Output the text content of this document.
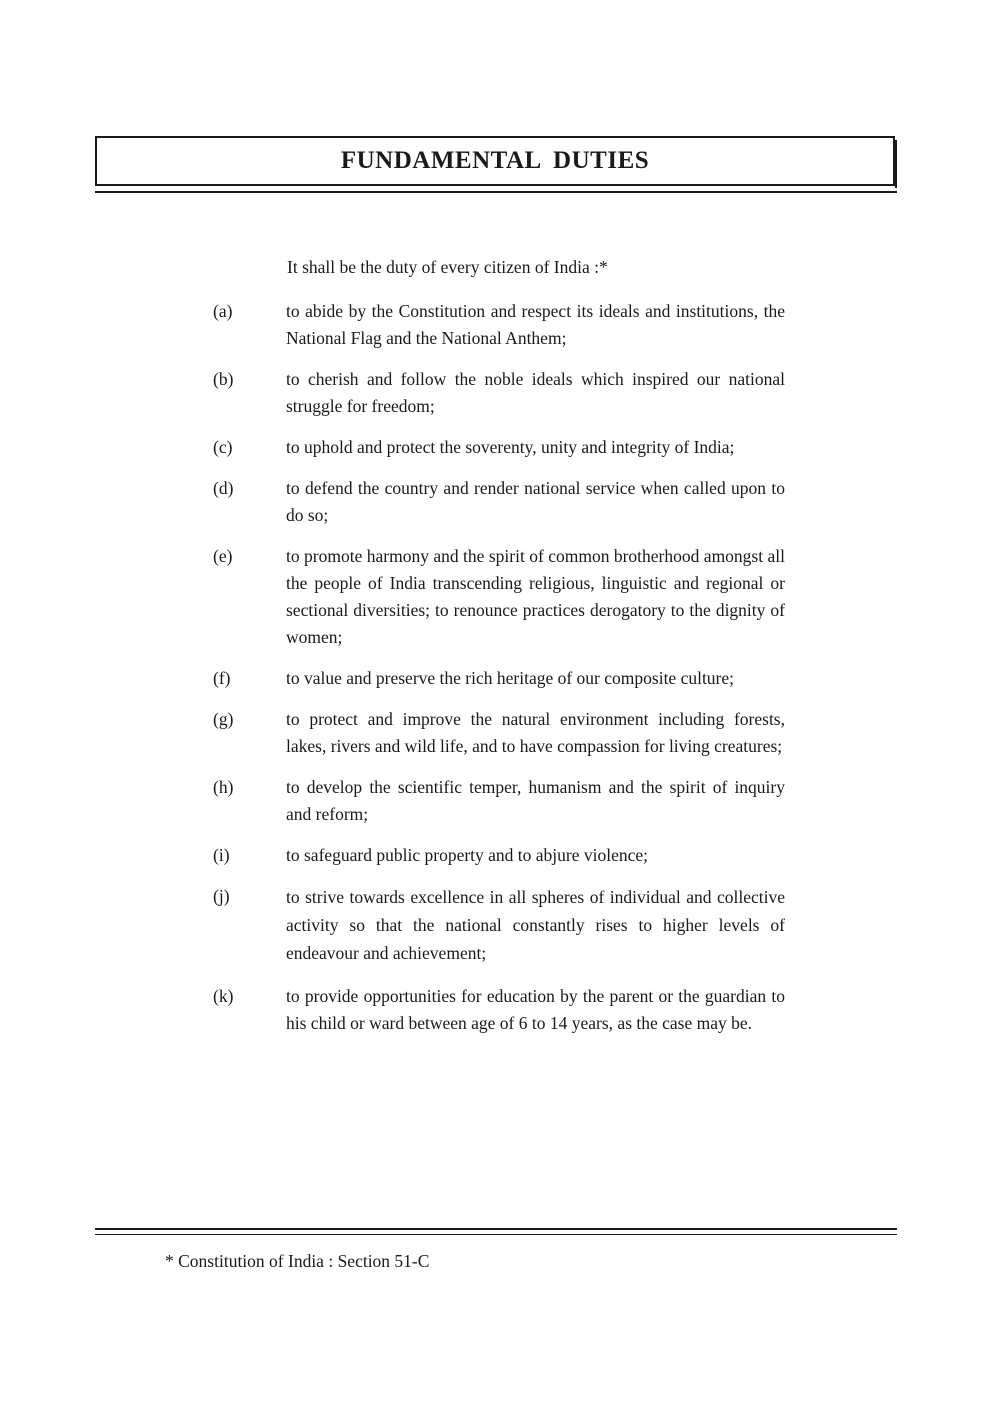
FUNDAMENTAL DUTIES
It shall be the duty of every citizen of India :*
(a)	to abide by the Constitution and respect its ideals and institutions, the National Flag and the National Anthem;
(b)	to cherish and follow the noble ideals which inspired our national struggle for freedom;
(c)	to uphold and protect the soverenty, unity and integrity of India;
(d)	to defend the country and render national service when called upon to do so;
(e)	to promote harmony and the spirit of common brotherhood amongst all the people of India transcending religious, linguistic and regional or sectional diversities; to renounce practices derogatory to the dignity of women;
(f)	to value and preserve the rich heritage of our composite culture;
(g)	to protect and improve the natural environment including forests, lakes, rivers and wild life, and to have compassion for living creatures;
(h)	to develop the scientific temper, humanism and the spirit of inquiry and reform;
(i)	to safeguard public property and to abjure violence;
(j)	to strive towards excellence in all spheres of individual and collective activity so that the national constantly rises to higher levels of endeavour and achievement;
(k)	to provide opportunities for education by the parent or the guardian to his child or ward between age of 6 to 14 years, as the case may be.
* Constitution of India : Section 51-C
